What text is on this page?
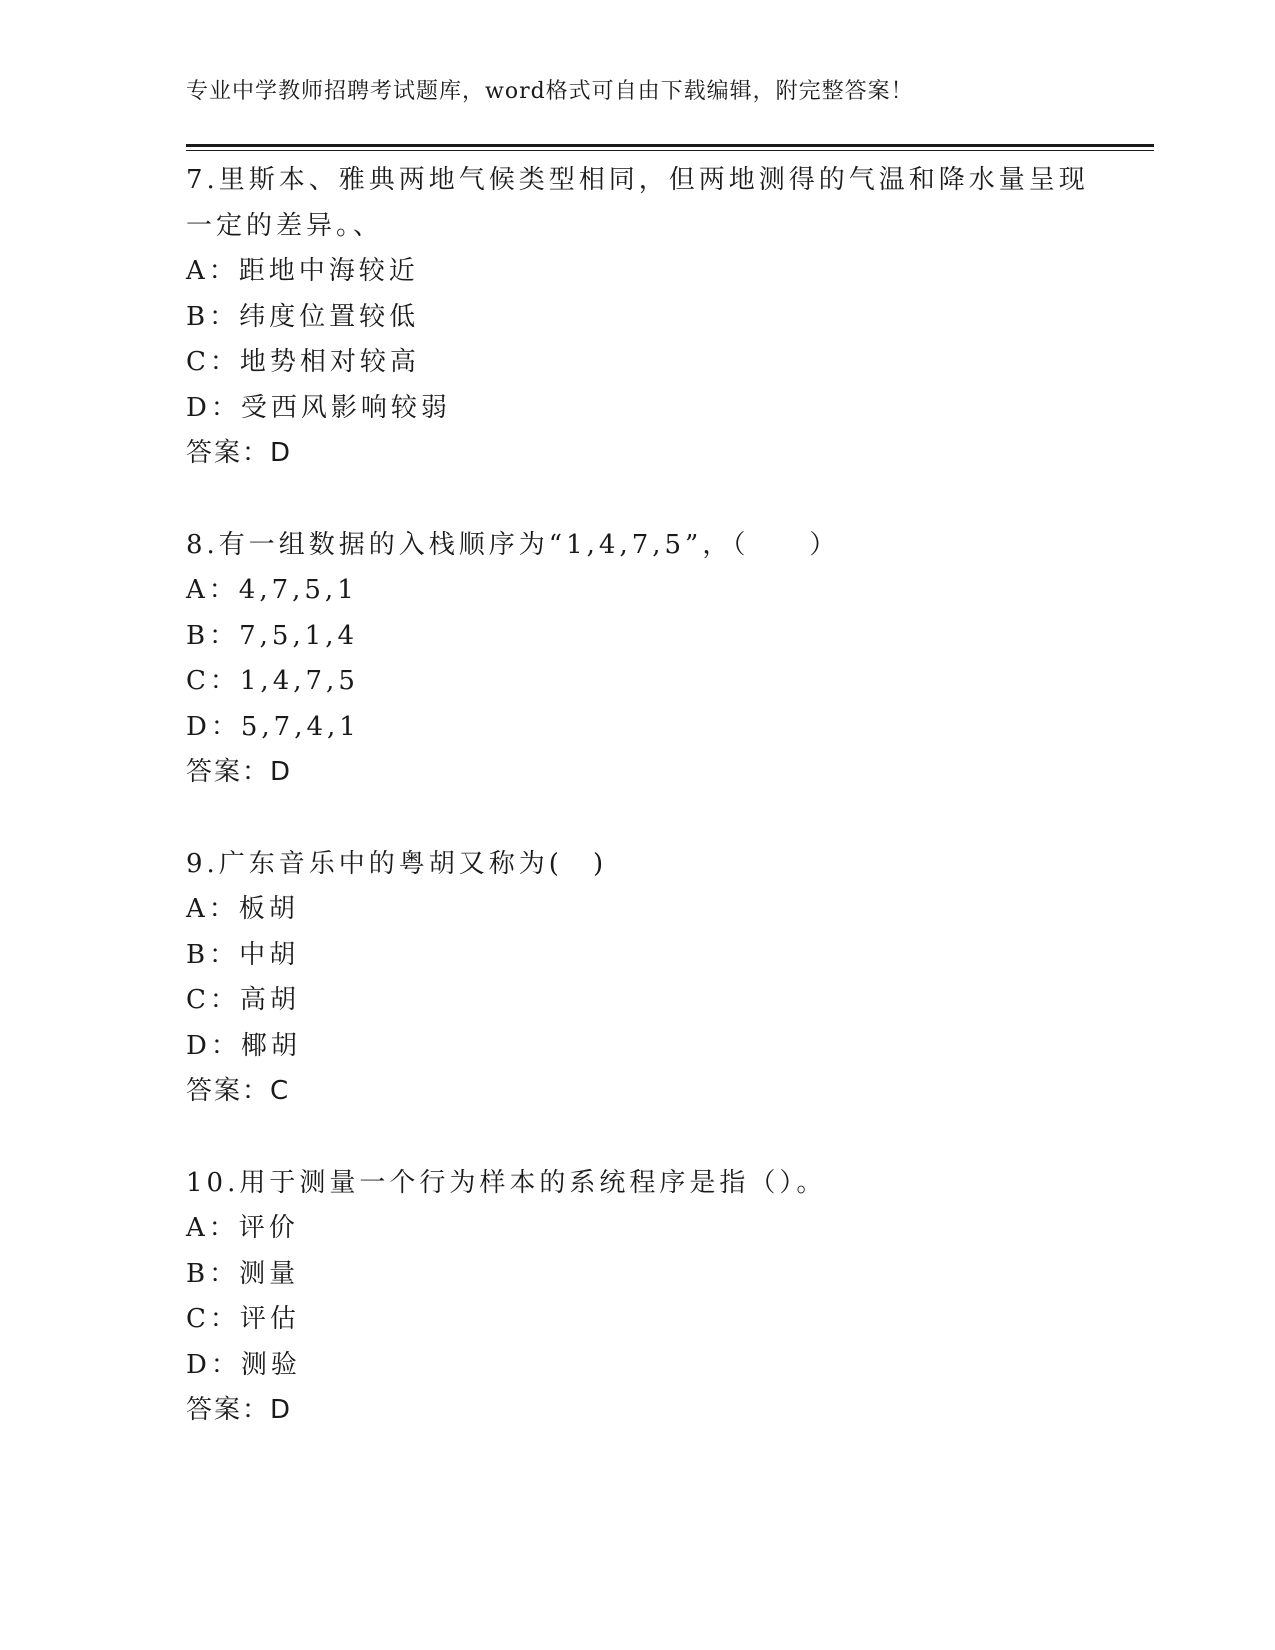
专业中学教师招聘考试题库，word格式可自由下载编辑，附完整答案！
7.里斯本、雅典两地气候类型相同，但两地测得的气温和降水量呈现
一定的差异。、
A：距地中海较近
B：纬度位置较低
C：地势相对较高
D：受西风影响较弱
答案：D
8.有一组数据的入栈顺序为“1,4,7,5”，（　　）
A：4,7,5,1
B：7,5,1,4
C：1,4,7,5
D：5,7,4,1
答案：D
9.广东音乐中的粤胡又称为(　)
A：板胡
B：中胡
C：高胡
D：椰胡
答案：C
10.用于测量一个行为样本的系统程序是指（）。
A：评价
B：测量
C：评估
D：测验
答案：D
